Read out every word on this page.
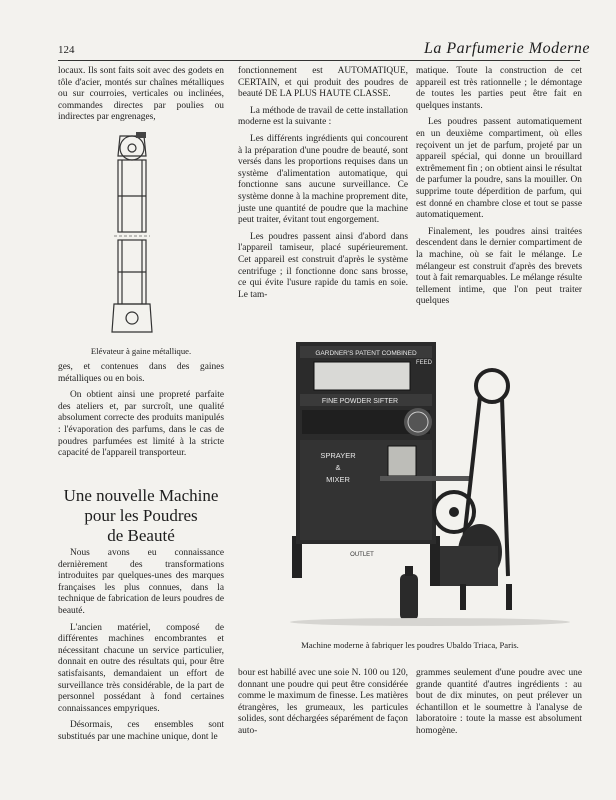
124	La Parfumerie Moderne

locaux. Ils sont faits soit avec des godets en tôle d'acier, montés sur chaînes métalliques ou sur courroies, verticales ou inclinées, commandes directes par poulies ou indirectes par engrenages,

Elévateur à gaine métallique.

ges, et contenues dans des gaines métalliques ou en bois.

On obtient ainsi une propreté parfaite des ateliers et, par surcroît, une qualité absolument correcte des produits manipulés : l'évaporation des parfums, dans le cas de poudres parfumées est limité à la stricte capacité de l'appareil transporteur.

Une nouvelle Machine
pour les Poudres
de Beauté

Nous avons eu connaissance dernièrement des transformations introduites par quelques-unes des marques françaises les plus connues, dans la technique de fabrication de leurs poudres de beauté.

L'ancien matériel, composé de différentes machines encombrantes et nécessitant chacune un service particulier, donnait en outre des résultats qui, pour être satisfaisants, demandaient un effort de surveillance très considérable, de la part de personnel possédant à fond certaines connaissances empyriques.

Désormais, ces ensembles sont substitués par une machine unique, dont le

fonctionnement est AUTOMATIQUE, CERTAIN, et qui produit des poudres de beauté DE LA PLUS HAUTE CLASSE.

La méthode de travail de cette installation moderne est la suivante :

Les différents ingrédients qui concourent à la préparation d'une poudre de beauté, sont versés dans les proportions requises dans un système d'alimentation automatique, qui fonctionne sans aucune surveillance. Ce système donne à la machine proprement dite, juste une quantité de poudre que la machine peut traiter, évitant tout engorgement.

Les poudres passent ainsi d'abord dans l'appareil tamiseur, placé supérieurement. Cet appareil est construit d'après le système centrifuge ; il fonctionne donc sans brosse, ce qui évite l'usure rapide du tamis en soie. Le tam-

matique. Toute la construction de cet appareil est très rationnelle ; le démontage de toutes les parties peut être fait en quelques instants.

Les poudres passent automatiquement en un deuxième compartiment, où elles reçoivent un jet de parfum, projeté par un appareil spécial, qui donne un brouillard extrêmement fin ; on obtient ainsi le résultat de parfumer la poudre, sans la mouiller. On supprime toute déperdition de parfum, qui est donné en chambre close et tout se passe automatiquement.

Finalement, les poudres ainsi traitées descendent dans le dernier compartiment de la machine, où se fait le mélange. Le mélangeur est construit d'après des brevets tout à fait remarquables. Le mélange résulte tellement intime, que l'on peut traiter quelques

GARDNER'S PATENT COMBINED
FEED
FINE POWDER SIFTER
SPRAYER
&
MIXER
OUTLET
Machine moderne à fabriquer les poudres Ubaldo Triaca, Paris.

bour est habillé avec une soie N. 100 ou 120, donnant une poudre qui peut être considérée comme le maximum de finesse. Les matières étrangères, les grumeaux, les particules solides, sont déchargées séparément de façon auto-

grammes seulement d'une poudre avec une grande quantité d'autres ingrédients : au bout de dix minutes, on peut prélever un échantillon et le soumettre à l'analyse de laboratoire : toute la masse est absolument homogène.
